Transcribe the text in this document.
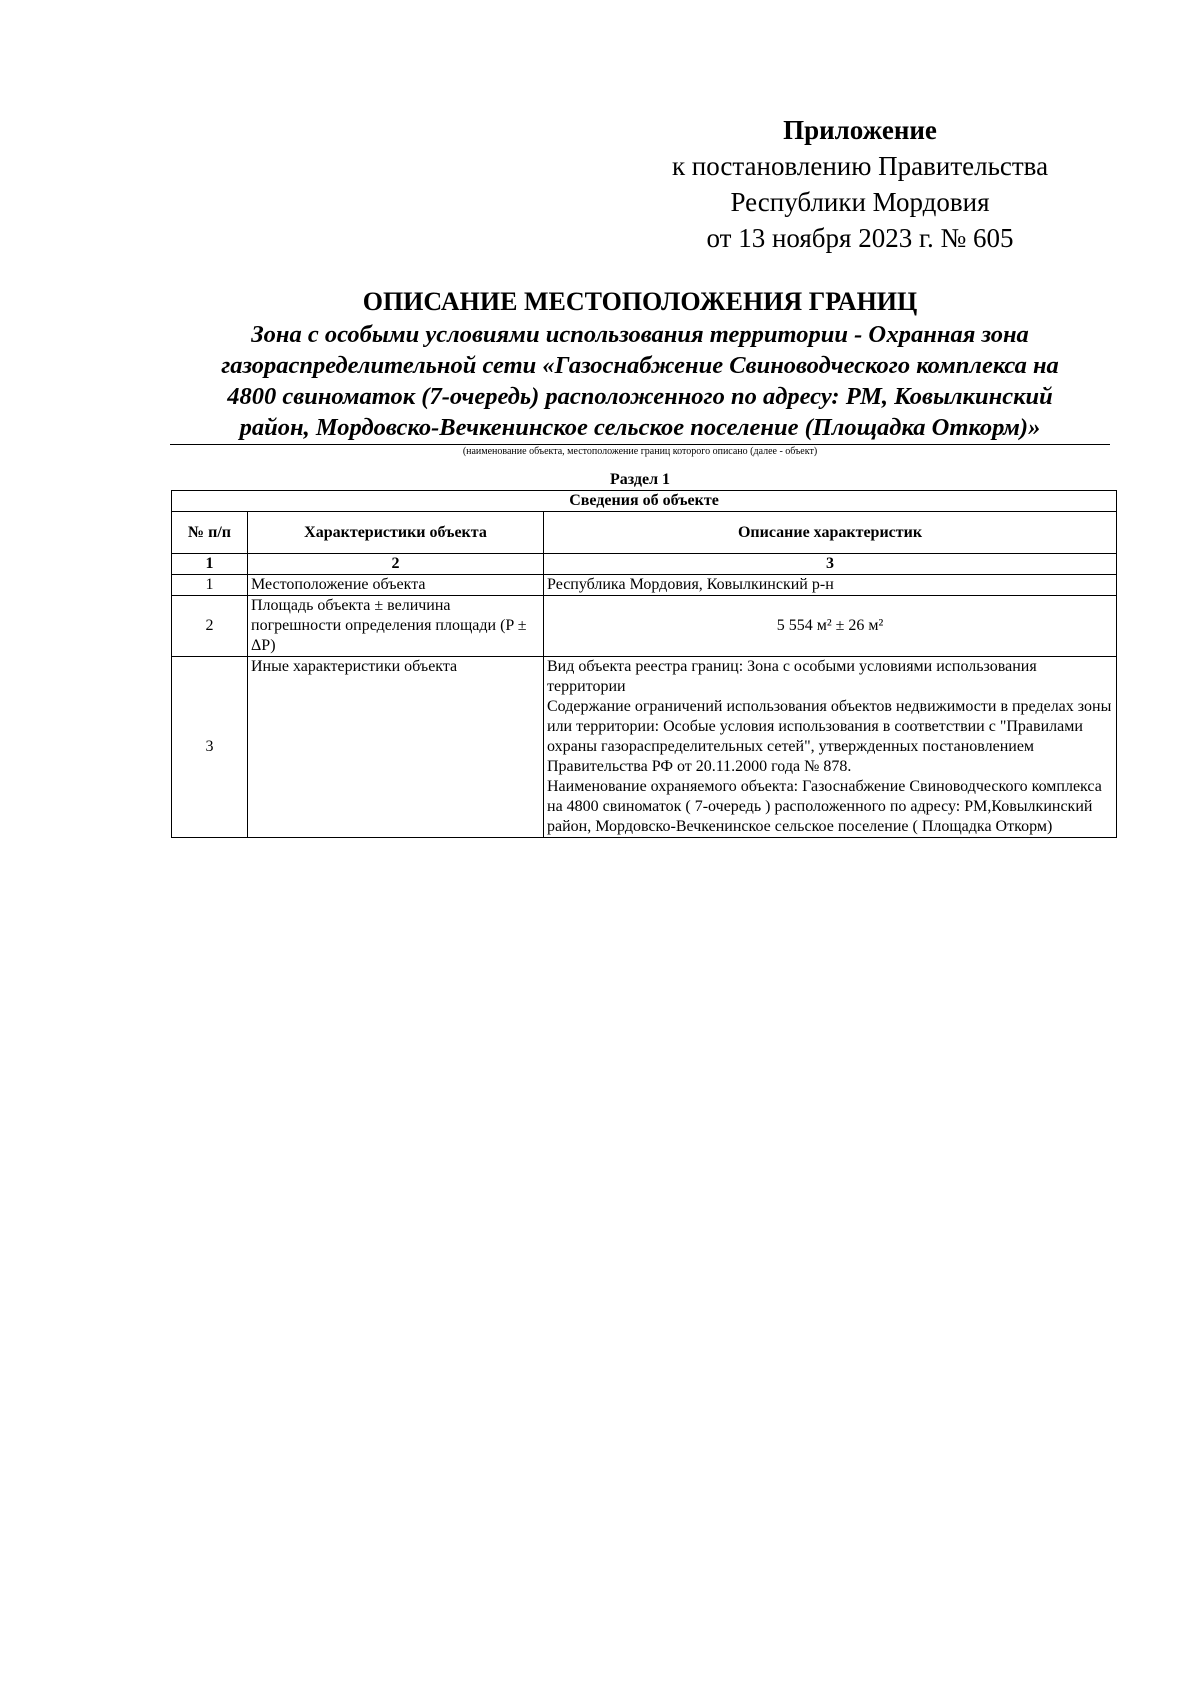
Приложение
к постановлению Правительства
Республики Мордовия
от 13 ноября 2023 г. № 605
ОПИСАНИЕ МЕСТОПОЛОЖЕНИЯ ГРАНИЦ
Зона с особыми условиями использования территории - Охранная зона
газораспределительной сети «Газоснабжение Свиноводческого комплекса на
4800 свиноматок (7-очередь) расположенного по адресу: РМ, Ковылкинский
район, Мордовско-Вечкенинское сельское поселение (Площадка Откорм)»
(наименование объекта, местоположение границ которого описано (далее - объект)
Раздел 1
Сведения об объекте		
№ п/п	Характеристики объекта	Описание характеристик
1	2	3
1	Местоположение объекта	Республика Мордовия, Ковылкинский р-н
2	Площадь объекта ± величина погрешности определения площади (P ± ΔP)	5 554 м² ± 26 м²
3	Иные характеристики объекта	Вид объекта реестра границ: Зона с особыми условиями использования территории
Содержание ограничений использования объектов недвижимости в пределах зоны или территории: Особые условия использования в соответствии с "Правилами охраны газораспределительных сетей", утвержденных постановлением Правительства РФ от 20.11.2000 года № 878.
Наименование охраняемого объекта: Газоснабжение Свиноводческого комплекса на 4800 свиноматок ( 7-очередь ) расположенного по адресу: РМ,Ковылкинский район, Мордовско-Вечкенинское сельское поселение ( Площадка Откорм)
